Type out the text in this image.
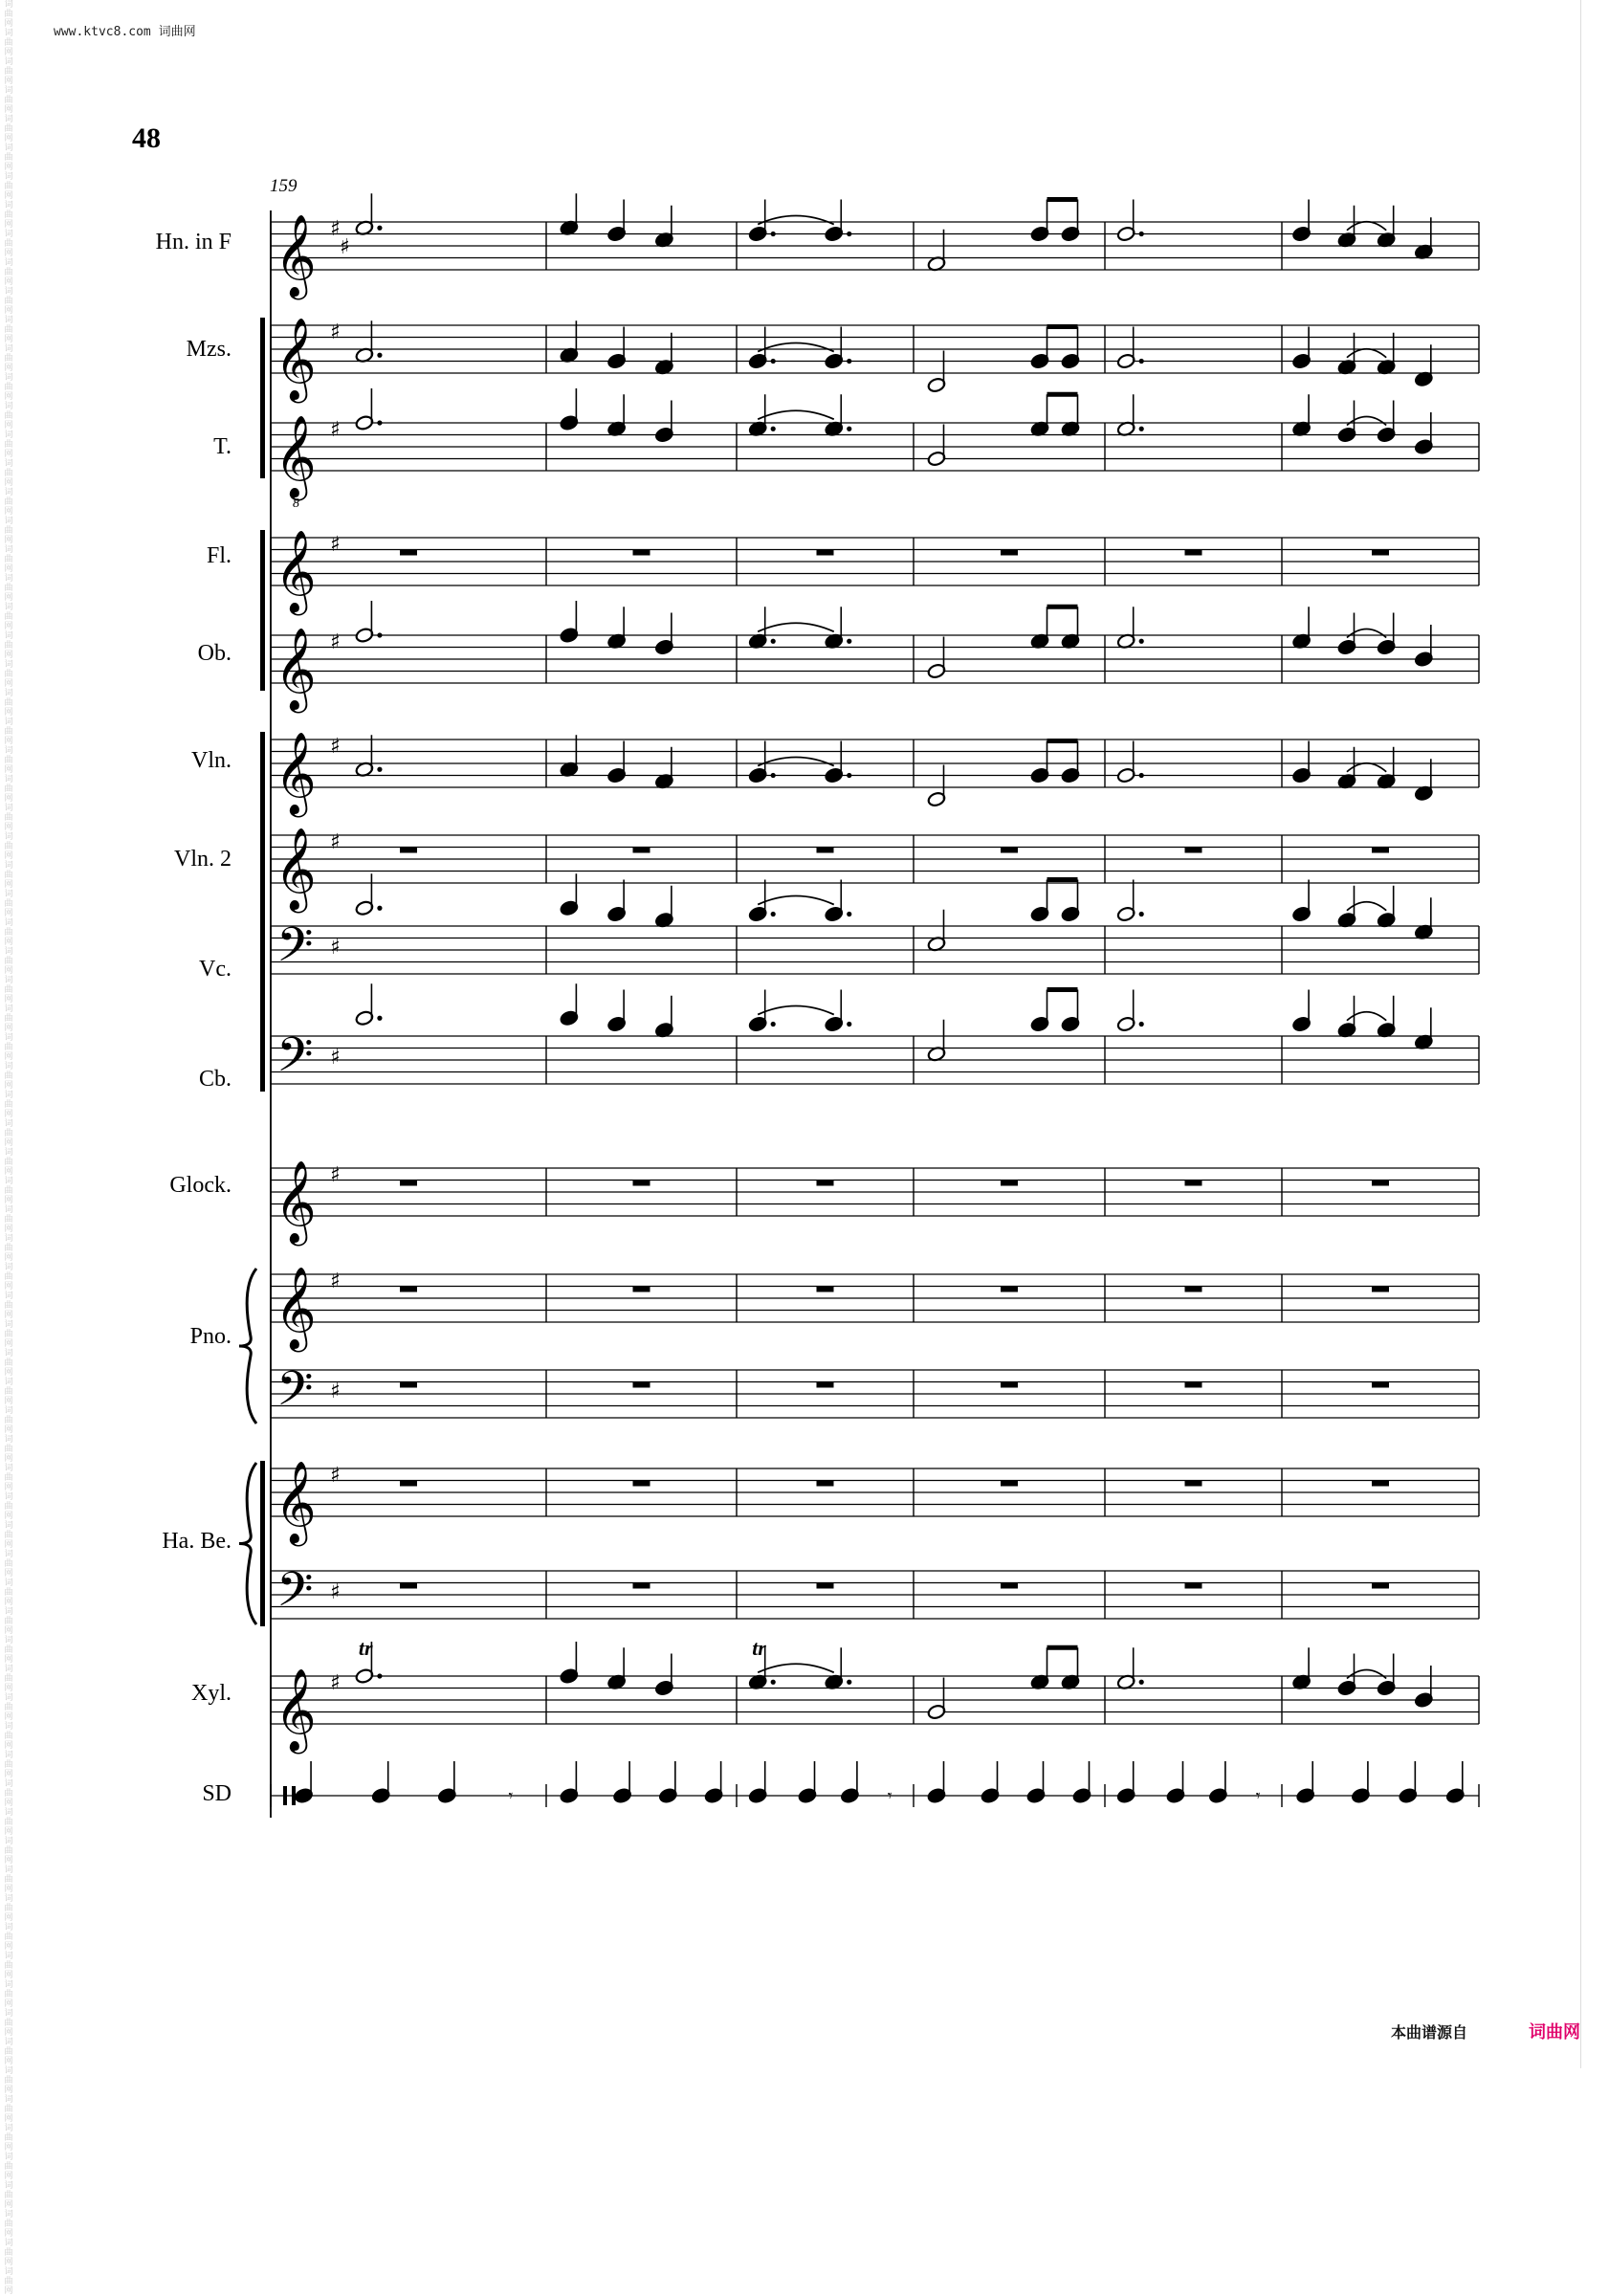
词曲网 词曲网 词曲网 词曲网 词曲网 词曲网 词曲网 词曲网 词曲网 词曲网 词曲网 词曲网 词曲网 词曲网 词曲网 词曲网 词曲网 词曲网 词曲网 词曲网 词曲网 词曲网 词曲网 词曲网 词曲网 词曲网 词曲网 词曲网 词曲网 词曲网 词曲网 词曲网 词曲网 词曲网 词曲网 词曲网 词曲网 词曲网 词曲网 词曲网 词曲网 词曲网 词曲网 词曲网 词曲网 词曲网 词曲网 词曲网 词曲网 词曲网 词曲网 词曲网 词曲网 词曲网 词曲网 词曲网 词曲网 词曲网 词曲网 词曲网 词曲网 词曲网 词曲网 词曲网 词曲网 词曲网 词曲网 词曲网 词曲网 词曲网 词曲网 词曲网 词曲网 词曲网 词曲网 词曲网 词曲网 词曲网 词曲网 词曲网
www.ktvc8.com 词曲网
48
159
Hn. in F
Mzs.
T.
Fl.
Ob.
Vln.
Vln. 2
Vc.
Cb.
Glock.
Pno.
Ha. Be.
Xyl.
SD
𝄞 ♯
♯
𝄞 ♯
𝄞
8
♯
𝄞 ♯
𝄞 ♯
𝄞 ♯
𝄞 ♯
𝄢 ♯
𝄢 ♯
𝄞 ♯
𝄞 ♯
𝄢 ♯
𝄞 ♯
𝄢 ♯
𝄞 ♯
tr	tr
𝄾	𝄾	𝄾
本曲谱源自	词曲网
